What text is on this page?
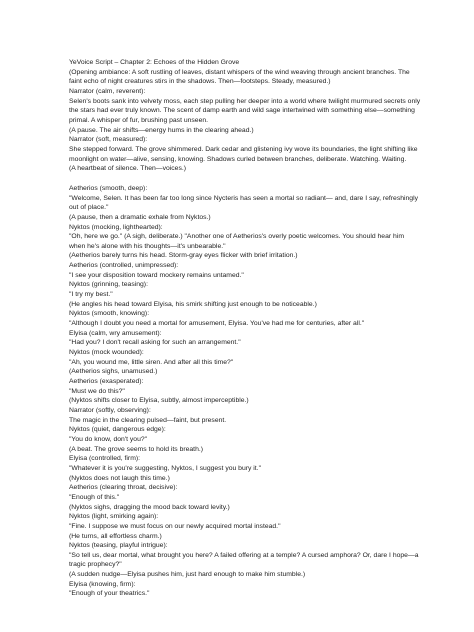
YeVoice Script – Chapter 2: Echoes of the Hidden Grove
(Opening ambiance: A soft rustling of leaves, distant whispers of the wind weaving through ancient branches. The faint echo of night creatures stirs in the shadows. Then—footsteps. Steady, measured.)
Narrator (calm, reverent):
Selen's boots sank into velvety moss, each step pulling her deeper into a world where twilight murmured secrets only the stars had ever truly known. The scent of damp earth and wild sage intertwined with something else—something primal. A whisper of fur, brushing past unseen.
(A pause. The air shifts—energy hums in the clearing ahead.)
Narrator (soft, measured):
She stepped forward. The grove shimmered. Dark cedar and glistening ivy wove its boundaries, the light shifting like moonlight on water—alive, sensing, knowing. Shadows curled between branches, deliberate. Watching. Waiting.
(A heartbeat of silence. Then—voices.)
Aetherios (smooth, deep):
"Welcome, Selen. It has been far too long since Nycteris has seen a mortal so radiant— and, dare I say, refreshingly out of place."
(A pause, then a dramatic exhale from Nyktos.)
Nyktos (mocking, lighthearted):
"Oh, here we go." (A sigh, deliberate.) "Another one of Aetherios's overly poetic welcomes. You should hear him when he's alone with his thoughts—it's unbearable."
(Aetherios barely turns his head. Storm-gray eyes flicker with brief irritation.)
Aetherios (controlled, unimpressed):
"I see your disposition toward mockery remains untamed."
Nyktos (grinning, teasing):
"I try my best."
(He angles his head toward Elyisa, his smirk shifting just enough to be noticeable.)
Nyktos (smooth, knowing):
"Although I doubt you need a mortal for amusement, Elyisa. You've had me for centuries, after all."
Elyisa (calm, wry amusement):
"Had you? I don't recall asking for such an arrangement."
Nyktos (mock wounded):
"Ah, you wound me, little siren. And after all this time?"
(Aetherios sighs, unamused.)
Aetherios (exasperated):
"Must we do this?"
(Nyktos shifts closer to Elyisa, subtly, almost imperceptible.)
Narrator (softly, observing):
The magic in the clearing pulsed—faint, but present.
Nyktos (quiet, dangerous edge):
"You do know, don't you?"
(A beat. The grove seems to hold its breath.)
Elyisa (controlled, firm):
"Whatever it is you're suggesting, Nyktos, I suggest you bury it."
(Nyktos does not laugh this time.)
Aetherios (clearing throat, decisive):
"Enough of this."
(Nyktos sighs, dragging the mood back toward levity.)
Nyktos (light, smirking again):
"Fine. I suppose we must focus on our newly acquired mortal instead."
(He turns, all effortless charm.)
Nyktos (teasing, playful intrigue):
"So tell us, dear mortal, what brought you here? A failed offering at a temple? A cursed amphora? Or, dare I hope—a tragic prophecy?"
(A sudden nudge—Elyisa pushes him, just hard enough to make him stumble.)
Elyisa (knowing, firm):
"Enough of your theatrics."
